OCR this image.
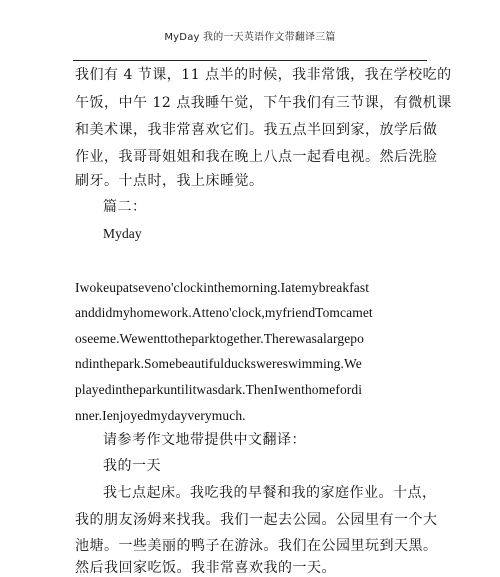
MyDay 我的一天英语作文带翻译三篇
我们有 4 节课，11 点半的时候，我非常饿，我在学校吃的
午饭，中午 12 点我睡午觉，下午我们有三节课，有微机课
和美术课，我非常喜欢它们。我五点半回到家，放学后做
作业，我哥哥姐姐和我在晚上八点一起看电视。然后洗脸
刷牙。十点时，我上床睡觉。
篇二：
Myday
Iwokeupatseveno'clockinthemorning.Iatemybreakfast
anddidmyhomework.Atteno'clock,myfriendTomcamet
oseeme.Wewenttotheparktogether.Therewasalargepo
ndinthepark.Somebeautifulduckswereswimming.We
playedintheparkuntilitwasdark.ThenIwenthomefordi
nner.Ienjoyedmydayverymuch.
请参考作文地带提供中文翻译：
我的一天
我七点起床。我吃我的早餐和我的家庭作业。十点，
我的朋友汤姆来找我。我们一起去公园。公园里有一个大
池塘。一些美丽的鸭子在游泳。我们在公园里玩到天黑。
然后我回家吃饭。我非常喜欢我的一天。
